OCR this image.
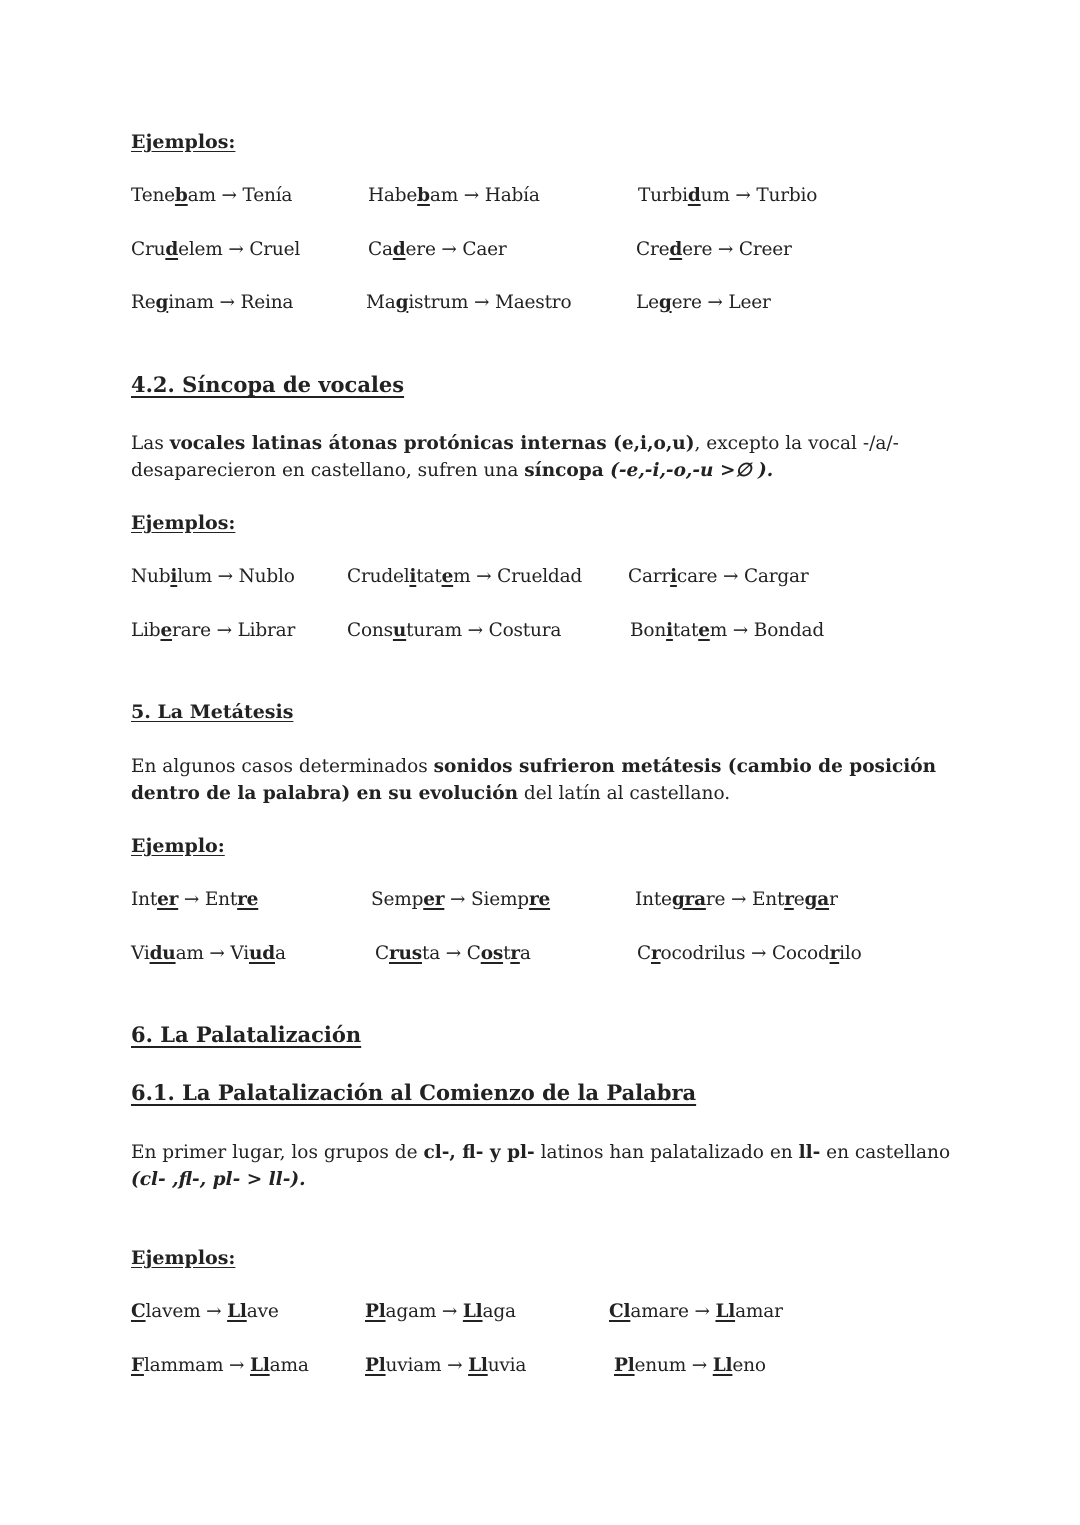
Ejemplos:
Tenebam → Tenía	Habebam → Había	Turbidum → Turbio
Crudelem → Cruel	Cadere → Caer	Credere → Creer
Reginam → Reina	Magistrum → Maestro	Legere → Leer
4.2. Síncopa de vocales
Las vocales latinas átonas protónicas internas (e,i,o,u), excepto la vocal -/a/- desaparecieron en castellano, sufren una síncopa (-e,-i,-o,-u >∅ ).
Ejemplos:
Nubilum → Nublo	Crudelitatem → Crueldad Carricare → Cargar
Liberare → Librar	Consuturam → Costura	Bonitatem → Bondad
5. La Metátesis
En algunos casos determinados sonidos sufrieron metátesis (cambio de posición dentro de la palabra) en su evolución del latín al castellano.
Ejemplo:
Inter → Entre	Semper → Siempre	Integrare → Entregar
Viduam → Viuda	Crusta → Costra	Crocodrilus → Cocodrilo
6. La Palatalización
6.1. La Palatalización al Comienzo de la Palabra
En primer lugar, los grupos de cl-, fl- y pl- latinos han palatalizado en ll- en castellano
(cl- ,fl-, pl- > ll-).
Ejemplos:
Clavem → Llave	Plagam → Llaga	Clamare → Llamar
Flammam → Llama	Pluviam → Lluvia	Plenum → Lleno
